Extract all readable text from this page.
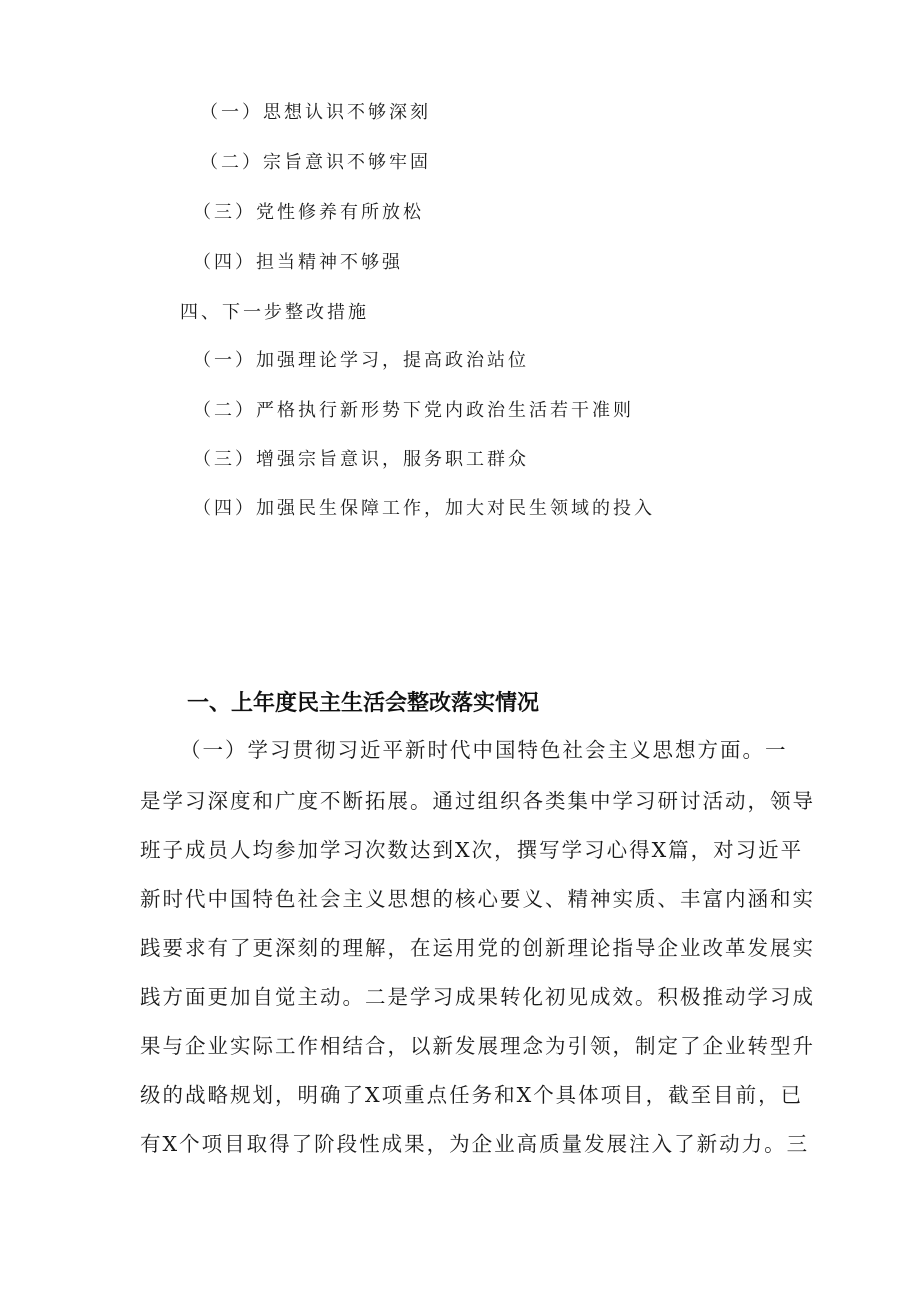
（一）思想认识不够深刻
（二）宗旨意识不够牢固
（三）党性修养有所放松
（四）担当精神不够强
四、下一步整改措施
（一）加强理论学习，提高政治站位
（二）严格执行新形势下党内政治生活若干准则
（三）增强宗旨意识，服务职工群众
（四）加强民生保障工作，加大对民生领域的投入
一、上年度民主生活会整改落实情况
（一）学习贯彻习近平新时代中国特色社会主义思想方面。一
是学习深度和广度不断拓展。通过组织各类集中学习研讨活动，领导
班子成员人均参加学习次数达到X次，撰写学习心得X篇，对习近平
新时代中国特色社会主义思想的核心要义、精神实质、丰富内涵和实
践要求有了更深刻的理解，在运用党的创新理论指导企业改革发展实
践方面更加自觉主动。二是学习成果转化初见成效。积极推动学习成
果与企业实际工作相结合，以新发展理念为引领，制定了企业转型升
级的战略规划，明确了X项重点任务和X个具体项目，截至目前，已
有X个项目取得了阶段性成果，为企业高质量发展注入了新动力。三
